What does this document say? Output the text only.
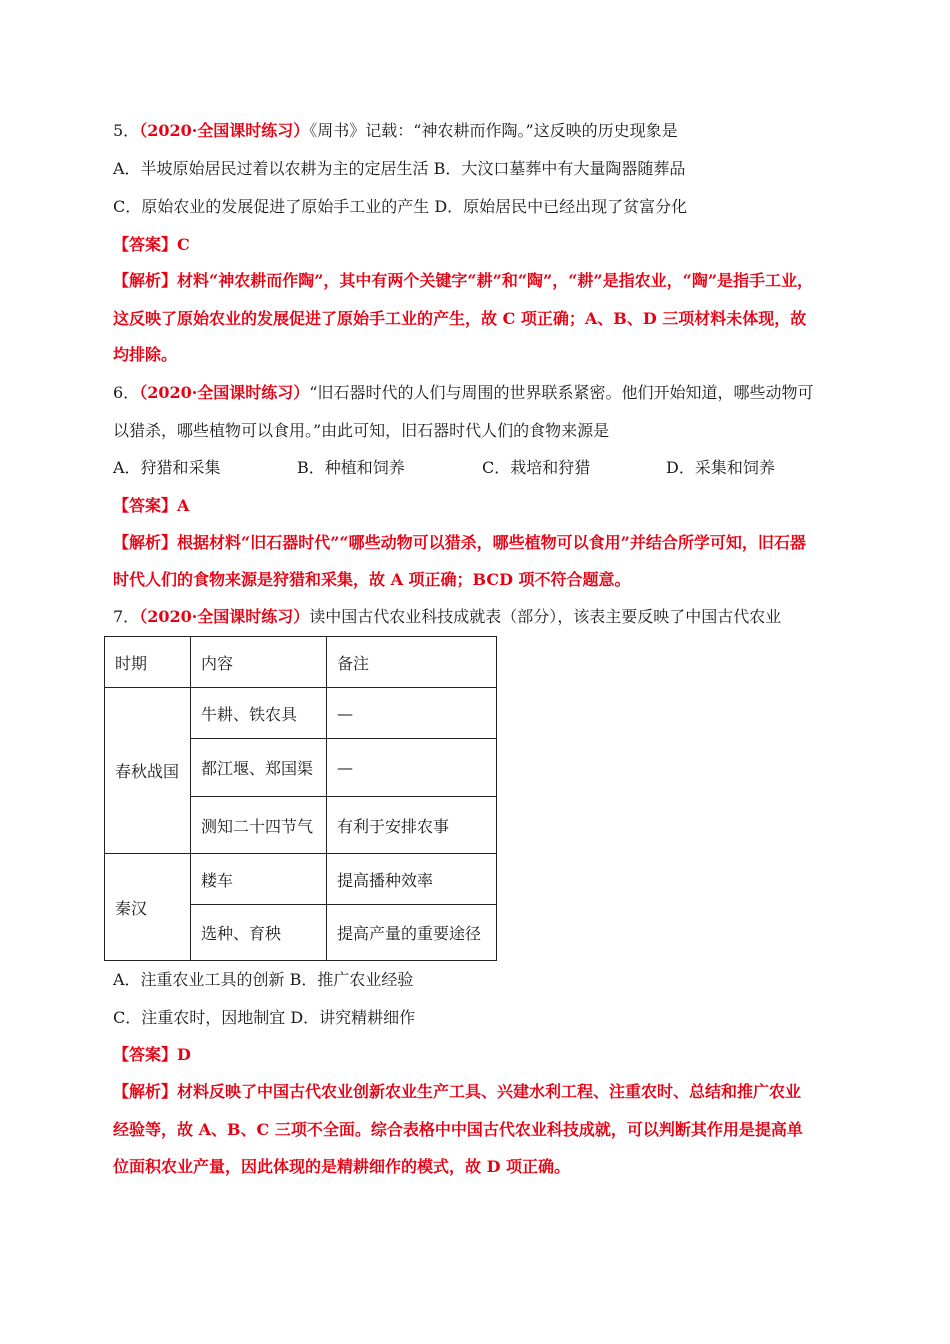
5．（2020·全国课时练习）《周书》记载：“神农耕而作陶。”这反映的历史现象是
A．半坡原始居民过着以农耕为主的定居生活 B．大汶口墓葬中有大量陶器随葬品
C．原始农业的发展促进了原始手工业的产生 D．原始居民中已经出现了贫富分化
【答案】C
【解析】材料“神农耕而作陶”，其中有两个关键字“耕”和“陶”，“耕”是指农业，“陶”是指手工业，
这反映了原始农业的发展促进了原始手工业的产生，故 C 项正确；A、B、D 三项材料未体现，故
均排除。
6．（2020·全国课时练习）“旧石器时代的人们与周围的世界联系紧密。他们开始知道，哪些动物可
以猎杀，哪些植物可以食用。”由此可知，旧石器时代人们的食物来源是
A．狩猎和采集	B．种植和饲养	C．栽培和狩猎	D．采集和饲养
【答案】A
【解析】根据材料“旧石器时代”“哪些动物可以猎杀，哪些植物可以食用”并结合所学可知，旧石器
时代人们的食物来源是狩猎和采集，故 A 项正确；BCD 项不符合题意。
7．（2020·全国课时练习）读中国古代农业科技成就表（部分），该表主要反映了中国古代农业
时期	内容	备注
春秋战国	牛耕、铁农具	—
	都江堰、郑国渠	—
	测知二十四节气	有利于安排农事
秦汉	耧车	提高播种效率
	选种、育秧	提高产量的重要途径
A．注重农业工具的创新 B．推广农业经验
C．注重农时，因地制宜 D．讲究精耕细作
【答案】D
【解析】材料反映了中国古代农业创新农业生产工具、兴建水利工程、注重农时、总结和推广农业
经验等，故 A、B、C 三项不全面。综合表格中中国古代农业科技成就，可以判断其作用是提高单
位面积农业产量，因此体现的是精耕细作的模式，故 D 项正确。
